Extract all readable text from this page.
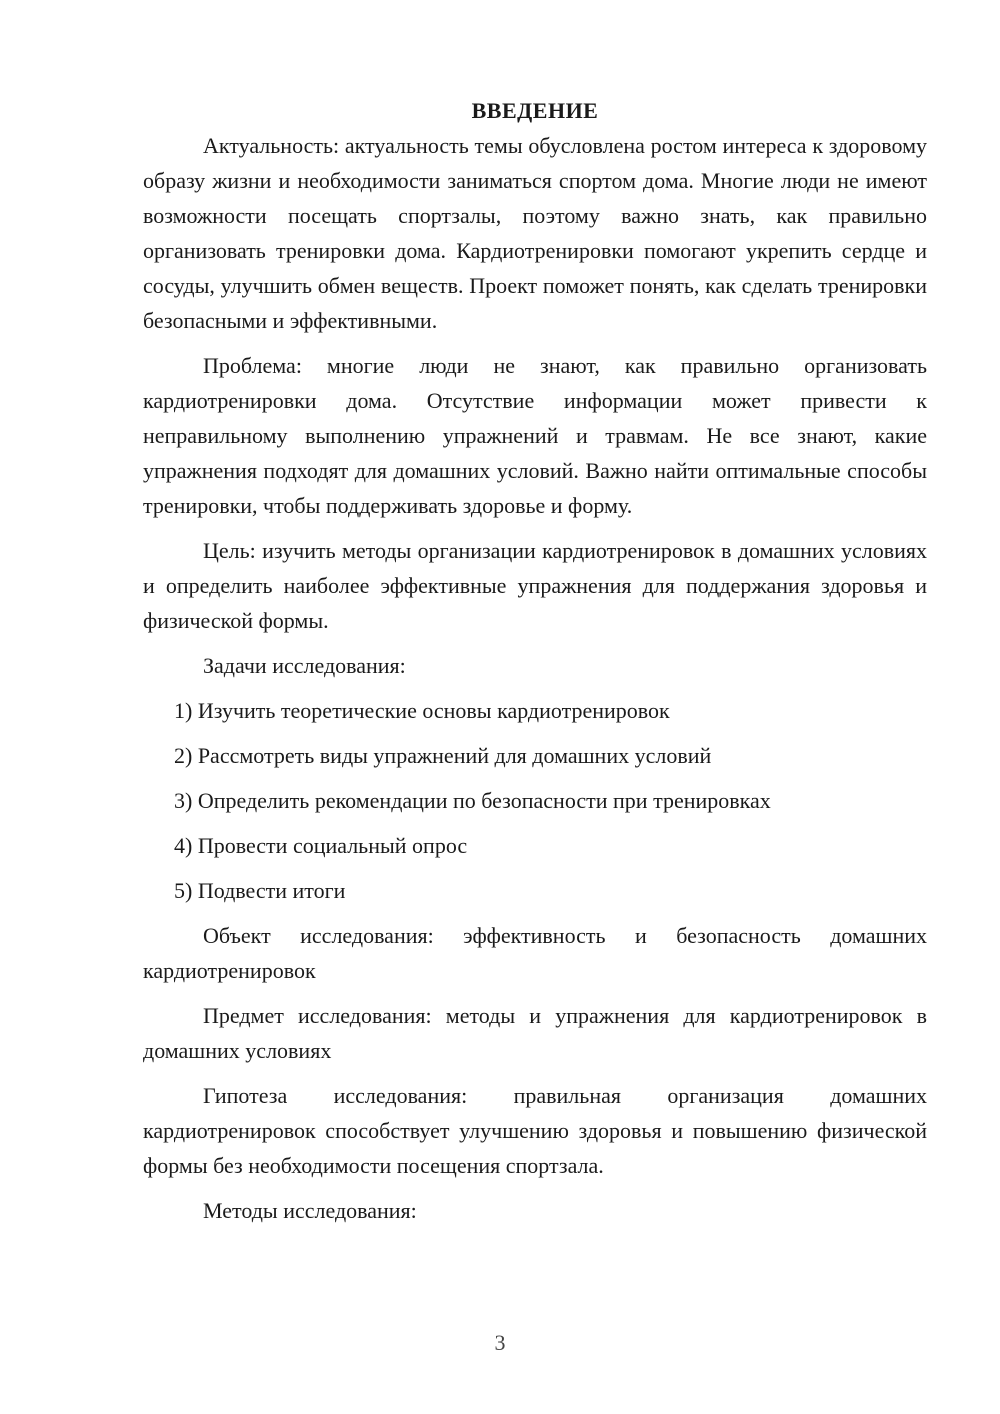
ВВЕДЕНИЕ

Актуальность: актуальность темы обусловлена ростом интереса к здоровому образу жизни и необходимости заниматься спортом дома. Многие люди не имеют возможности посещать спортзалы, поэтому важно знать, как правильно организовать тренировки дома. Кардиотренировки помогают укрепить сердце и сосуды, улучшить обмен веществ. Проект поможет понять, как сделать тренировки безопасными и эффективными.

Проблема: многие люди не знают, как правильно организовать кардиотренировки дома. Отсутствие информации может привести к неправильному выполнению упражнений и травмам. Не все знают, какие упражнения подходят для домашних условий. Важно найти оптимальные способы тренировки, чтобы поддерживать здоровье и форму.

Цель: изучить методы организации кардиотренировок в домашних условиях и определить наиболее эффективные упражнения для поддержания здоровья и физической формы.

Задачи исследования:

1) Изучить теоретические основы кардиотренировок
2) Рассмотреть виды упражнений для домашних условий
3) Определить рекомендации по безопасности при тренировках
4) Провести социальный опрос
5) Подвести итоги

Объект исследования: эффективность и безопасность домашних кардиотренировок

Предмет исследования: методы и упражнения для кардиотренировок в домашних условиях

Гипотеза исследования: правильная организация домашних кардиотренировок способствует улучшению здоровья и повышению физической формы без необходимости посещения спортзала.

Методы исследования:

3
